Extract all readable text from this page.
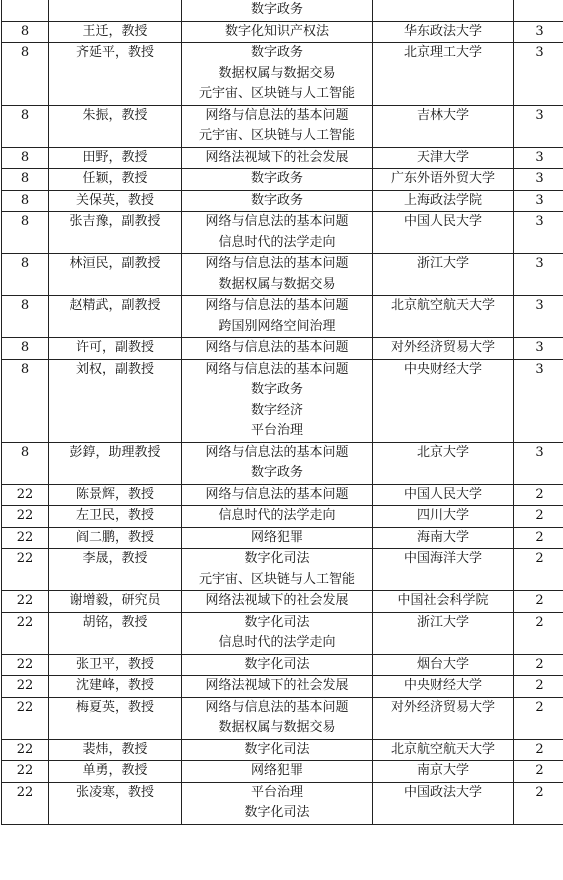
		数字政务		

8	王迁，教授	数字化知识产权法	华东政法大学	3
8	齐延平，教授	数字政务
数据权属与数据交易
元宇宙、区块链与人工智能	北京理工大学	3
8	朱振，教授	网络与信息法的基本问题
元宇宙、区块链与人工智能	吉林大学	3
8	田野，教授	网络法视域下的社会发展	天津大学	3
8	任颖，教授	数字政务	广东外语外贸大学	3
8	关保英，教授	数字政务	上海政法学院	3
8	张吉豫，副教授	网络与信息法的基本问题
信息时代的法学走向	中国人民大学	3
8	林洹民，副教授	网络与信息法的基本问题
数据权属与数据交易	浙江大学	3
8	赵精武，副教授	网络与信息法的基本问题
跨国别网络空间治理	北京航空航天大学	3
8	许可，副教授	网络与信息法的基本问题	对外经济贸易大学	3
8	刘权，副教授	网络与信息法的基本问题
数字政务
数字经济
平台治理	中央财经大学	3
8	彭錞，助理教授	网络与信息法的基本问题
数字政务	北京大学	3
22	陈景辉，教授	网络与信息法的基本问题	中国人民大学	2
22	左卫民，教授	信息时代的法学走向	四川大学	2
22	阎二鹏，教授	网络犯罪	海南大学	2
22	李晟，教授	数字化司法
元宇宙、区块链与人工智能	中国海洋大学	2
22	谢增毅，研究员	网络法视域下的社会发展	中国社会科学院	2
22	胡铭，教授	数字化司法
信息时代的法学走向	浙江大学	2
22	张卫平，教授	数字化司法	烟台大学	2
22	沈建峰，教授	网络法视域下的社会发展	中央财经大学	2
22	梅夏英，教授	网络与信息法的基本问题
数据权属与数据交易	对外经济贸易大学	2
22	裴炜，教授	数字化司法	北京航空航天大学	2
22	单勇，教授	网络犯罪	南京大学	2
22	张凌寒，教授	平台治理
数字化司法	中国政法大学	2
